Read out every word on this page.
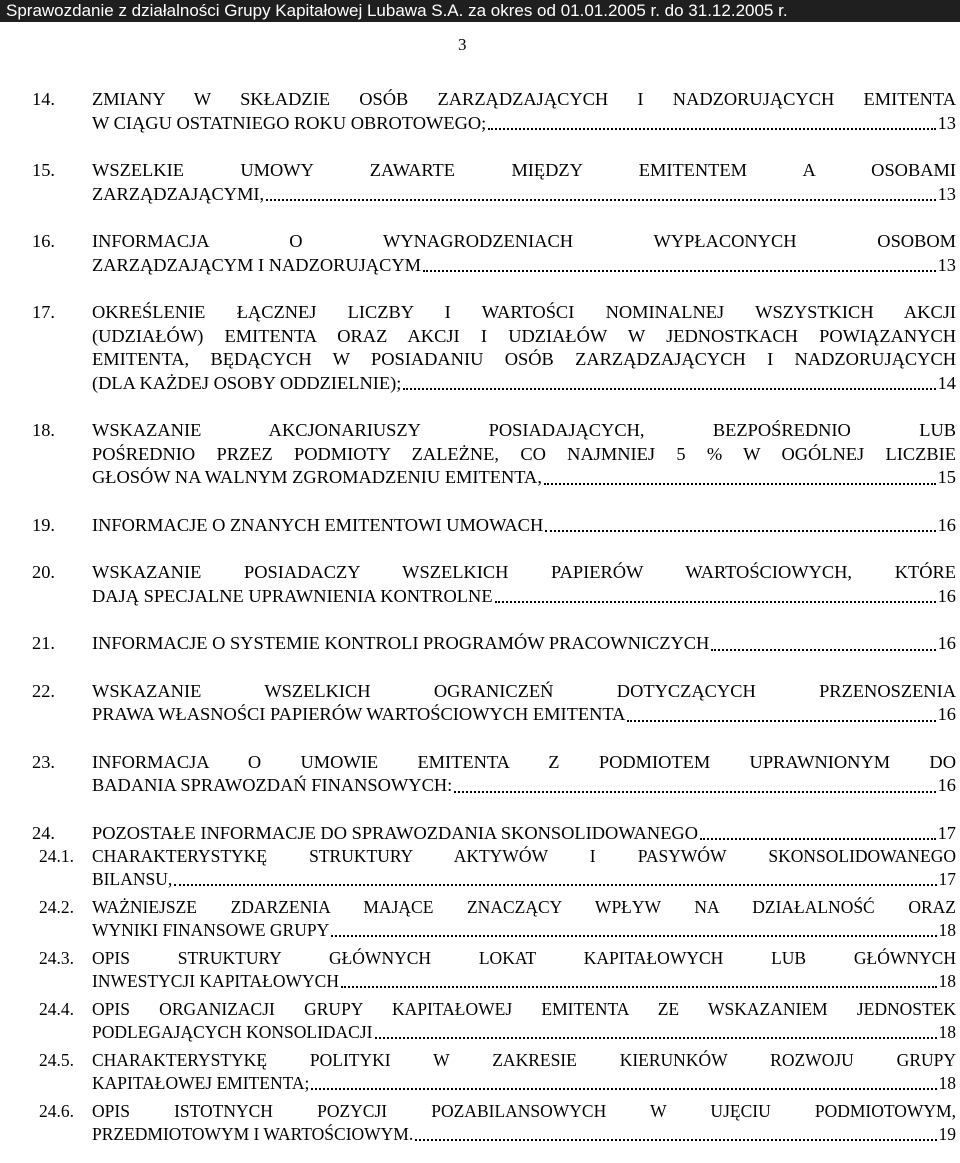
Sprawozdanie z działalności Grupy Kapitałowej Lubawa S.A. za okres od 01.01.2005 r. do 31.12.2005 r.
3
14. ZMIANY W SKŁADZIE OSÓB ZARZĄDZAJĄCYCH I NADZORUJĄCYCH EMITENTA
W CIĄGU OSTATNIEGO ROKU OBROTOWEGO;	13
15. WSZELKIE UMOWY ZAWARTE MIĘDZY EMITENTEM A OSOBAMI
ZARZĄDZAJĄCYMI,	13
16. INFORMACJA O WYNAGRODZENIACH WYPŁACONYCH OSOBOM
ZARZĄDZAJĄCYM I NADZORUJĄCYM	13
17. OKREŚLENIE ŁĄCZNEJ LICZBY I WARTOŚCI NOMINALNEJ WSZYSTKICH AKCJI
(UDZIAŁÓW) EMITENTA ORAZ AKCJI I UDZIAŁÓW W JEDNOSTKACH POWIĄZANYCH
EMITENTA, BĘDĄCYCH W POSIADANIU OSÓB ZARZĄDZAJĄCYCH I NADZORUJĄCYCH
(DLA KAŻDEJ OSOBY ODDZIELNIE);	14
18. WSKAZANIE AKCJONARIUSZY POSIADAJĄCYCH, BEZPOŚREDNIO LUB
POŚREDNIO PRZEZ PODMIOTY ZALEŻNE, CO NAJMNIEJ 5 % W OGÓLNEJ LICZBIE
GŁOSÓW NA WALNYM ZGROMADZENIU EMITENTA,	15
19. INFORMACJE O ZNANYCH EMITENTOWI UMOWACH	16
20. WSKAZANIE POSIADACZY WSZELKICH PAPIERÓW WARTOŚCIOWYCH, KTÓRE
DAJĄ SPECJALNE UPRAWNIENIA KONTROLNE	16
21. INFORMACJE O SYSTEMIE KONTROLI PROGRAMÓW PRACOWNICZYCH	16
22. WSKAZANIE WSZELKICH OGRANICZEŃ DOTYCZĄCYCH PRZENOSZENIA
PRAWA WŁASNOŚCI PAPIERÓW WARTOŚCIOWYCH EMITENTA	16
23. INFORMACJA O UMOWIE EMITENTA Z PODMIOTEM UPRAWNIONYM DO
BADANIA SPRAWOZDAŃ FINANSOWYCH:	16
24. POZOSTAŁE INFORMACJE DO SPRAWOZDANIA SKONSOLIDOWANEGO	17
24.1. CHARAKTERYSTYKĘ STRUKTURY AKTYWÓW I PASYWÓW SKONSOLIDOWANEGO
BILANSU,	17
24.2. WAŻNIEJSZE ZDARZENIA MAJĄCE ZNACZĄCY WPŁYW NA DZIAŁALNOŚĆ ORAZ
WYNIKI FINANSOWE GRUPY	18
24.3. OPIS STRUKTURY GŁÓWNYCH LOKAT KAPITAŁOWYCH LUB GŁÓWNYCH
INWESTYCJI KAPITAŁOWYCH	18
24.4. OPIS ORGANIZACJI GRUPY KAPITAŁOWEJ EMITENTA ZE WSKAZANIEM JEDNOSTEK
PODLEGAJĄCYCH KONSOLIDACJI	18
24.5. CHARAKTERYSTYKĘ POLITYKI W ZAKRESIE KIERUNKÓW ROZWOJU GRUPY
KAPITAŁOWEJ EMITENTA;	18
24.6. OPIS ISTOTNYCH POZYCJI POZABILANSOWYCH W UJĘCIU PODMIOTOWYM,
PRZEDMIOTOWYM I WARTOŚCIOWYM.	19
